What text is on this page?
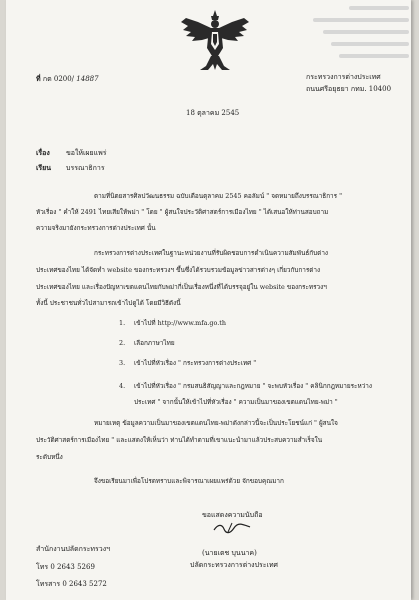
ที่ กต 0200/ 14887	กระทรวงการต่างประเทศ
ถนนศรีอยุธยา กทม. 10400
18 ตุลาคม 2545
เรื่อง ขอให้เผยแพร่
เรียน บรรณาธิการ
ตามที่นิตยสารศิลปวัฒนธรรม ฉบับเดือนตุลาคม 2545 คอลัมน์ " จดหมายถึงบรรณาธิการ "
หัวเรื่อง " คำให้ 2491 ไทยเสียให้พม่า " โดย " ผู้สนใจประวัติศาสตร์การเมืองไทย " ได้เสนอให้ท่านสอบถาม
ความจริงมายังกระทรวงการต่างประเทศ นั้น
กระทรวงการต่างประเทศในฐานะหน่วยงานที่รับผิดชอบการดำเนินความสัมพันธ์กับต่าง
ประเทศของไทย ได้จัดทำ website ของกระทรวงฯ ขึ้นซึ่งได้รวบรวมข้อมูลข่าวสารต่างๆ เกี่ยวกับการต่าง
ประเทศของไทย และเรื่องปัญหาเขตแดนไทยกับพม่ากี่เป็นเรื่องหนึ่งที่ได้บรรจุอยู่ใน website ของกระทรวงฯ
ทั้งนี้ ประชาชนทั่วไปสามารถเข้าไปดูได้ โดยมีวิธีดังนี้
1. เข้าไปที่ http://www.mfa.go.th
2. เลือกภาษาไทย
3. เข้าไปที่หัวเรื่อง " กระทรวงการต่างประเทศ "
4. เข้าไปที่หัวเรื่อง " กรมสนธิสัญญาและกฎหมาย " จะพบหัวเรื่อง " คลินิกกฎหมายระหว่าง
ประเทศ " จากนั้นให้เข้าไปที่หัวเรื่อง " ความเป็นมาของเขตแดนไทย-พม่า "
หมายเหตุ ข้อมูลความเป็นมาของเขตแดนไทย-พม่าดังกล่าวนี้จะเป็นประโยชน์แก่ " ผู้สนใจ
ประวัติศาสตร์การเมืองไทย " และแสดงให้เห็นว่า ท่านได้ทำตามที่เขาแนะนำมาแล้วประสบความสำเร็จใน
ระดับหนึ่ง
จึงขอเรียนมาเพื่อโปรดทราบและพิจารณาเผยแพร่ด้วย จักขอบคุณมาก
ขอแสดงความนับถือ
(นายเตช บุนนาค)
ปลัดกระทรวงการต่างประเทศ
สำนักงานปลัดกระทรวงฯ
โทร 0 2643 5269
โทรสาร 0 2643 5272
